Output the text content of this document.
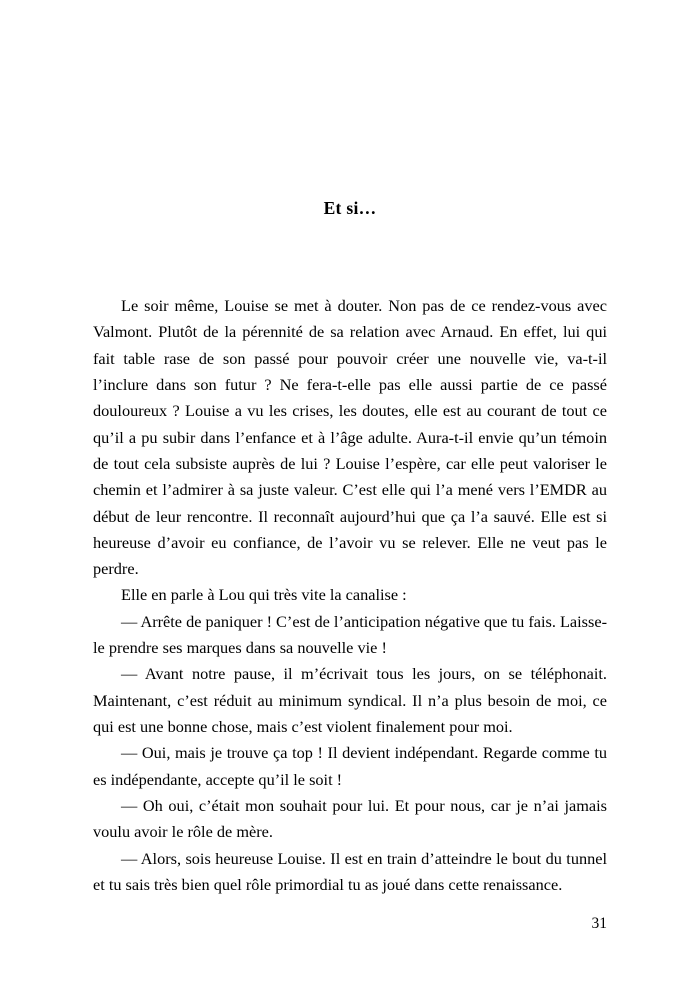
Et si…

Le soir même, Louise se met à douter. Non pas de ce rendez-vous avec Valmont. Plutôt de la pérennité de sa relation avec Arnaud. En effet, lui qui fait table rase de son passé pour pouvoir créer une nouvelle vie, va-t-il l’inclure dans son futur ? Ne fera-t-elle pas elle aussi partie de ce passé douloureux ? Louise a vu les crises, les doutes, elle est au courant de tout ce qu’il a pu subir dans l’enfance et à l’âge adulte. Aura-t-il envie qu’un témoin de tout cela subsiste auprès de lui ? Louise l’espère, car elle peut valoriser le chemin et l’admirer à sa juste valeur. C’est elle qui l’a mené vers l’EMDR au début de leur rencontre. Il reconnaît aujourd’hui que ça l’a sauvé. Elle est si heureuse d’avoir eu confiance, de l’avoir vu se relever. Elle ne veut pas le perdre.

Elle en parle à Lou qui très vite la canalise :

— Arrête de paniquer ! C’est de l’anticipation négative que tu fais. Laisse-le prendre ses marques dans sa nouvelle vie !

— Avant notre pause, il m’écrivait tous les jours, on se téléphonait. Maintenant, c’est réduit au minimum syndical. Il n’a plus besoin de moi, ce qui est une bonne chose, mais c’est violent finalement pour moi.

— Oui, mais je trouve ça top ! Il devient indépendant. Regarde comme tu es indépendante, accepte qu’il le soit !

— Oh oui, c’était mon souhait pour lui. Et pour nous, car je n’ai jamais voulu avoir le rôle de mère.

— Alors, sois heureuse Louise. Il est en train d’atteindre le bout du tunnel et tu sais très bien quel rôle primordial tu as joué dans cette renaissance.

31
